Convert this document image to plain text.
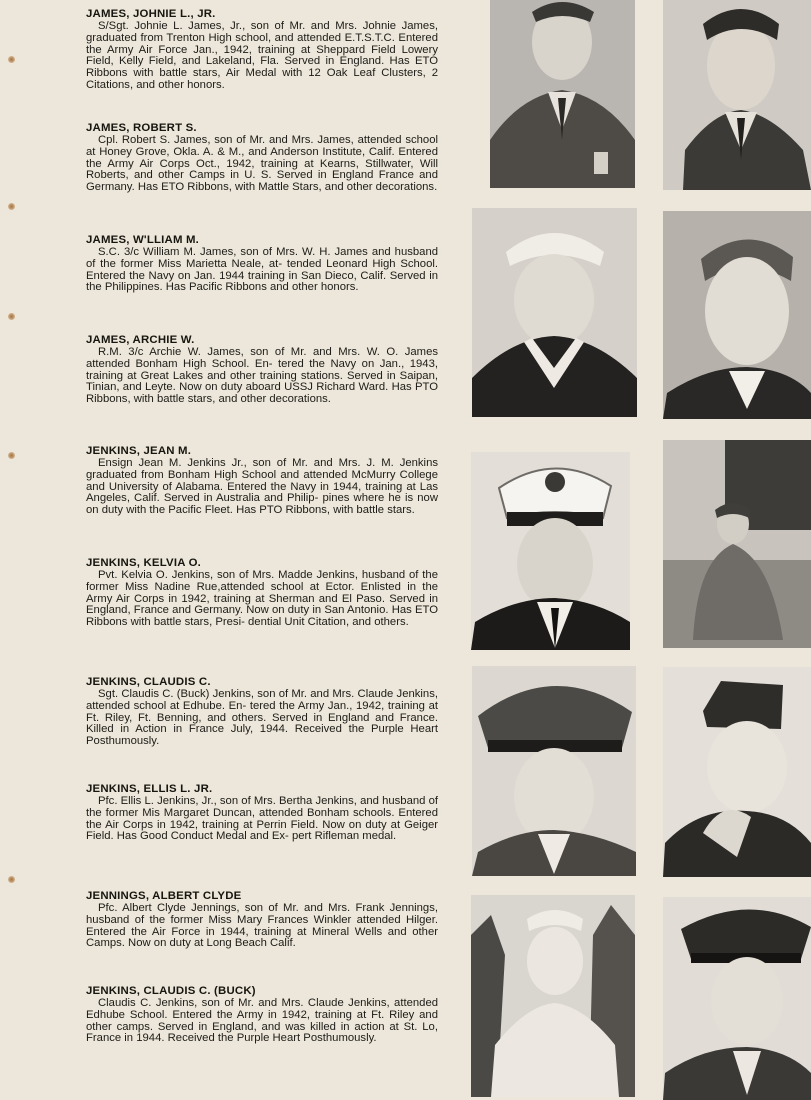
JAMES, JOHNIE L., JR.

S/Sgt. Johnie L. James, Jr., son of Mr. and Mrs. Johnie James, graduated from Trenton High school, and attended E.T.S.T.C. Entered the Army Air Force Jan., 1942, training at Sheppard Field Lowery Field, Kelly Field, and Lakeland, Fla. Served in England. Has ETO Ribbons with battle stars, Air Medal with 12 Oak Leaf Clusters, 2 Citations, and other honors.

JAMES, ROBERT S.

Cpl. Robert S. James, son of Mr. and Mrs. James, attended school at Honey Grove, Okla. A. & M., and Anderson Institute, Calif. Entered the Army Air Corps Oct., 1942, training at Kearns, Stillwater, Will Roberts, and other Camps in U. S. Served in England France and Germany. Has ETO Ribbons, with Mattle Stars, and other decorations.

JAMES, W'LLIAM M.

S.C. 3/c William M. James, son of Mrs. W. H. James and husband of the former Miss Marietta Neale, at- tended Leonard High School. Entered the Navy on Jan. 1944 training in San Dieco, Calif. Served in the Philippines. Has Pacific Ribbons and other honors.

JAMES, ARCHIE W.

R.M. 3/c Archie W. James, son of Mr. and Mrs. W. O. James attended Bonham High School. En- tered the Navy on Jan., 1943, training at Great Lakes and other training stations. Served in Saipan, Tinian, and Leyte. Now on duty aboard USSJ Richard Ward. Has PTO Ribbons, with battle stars, and other decorations.

JENKINS, JEAN M.

Ensign Jean M. Jenkins Jr., son of Mr. and Mrs. J. M. Jenkins graduated from Bonham High School and attended McMurry College and University of Alabama. Entered the Navy in 1944, training at Las Angeles, Calif. Served in Australia and Philip- pines where he is now on duty with the Pacific Fleet. Has PTO Ribbons, with battle stars.

JENKINS, KELVIA O.

Pvt. Kelvia O. Jenkins, son of Mrs. Madde Jenkins, husband of the former Miss Nadine Rue,attended school at Ector. Enlisted in the Army Air Corps in 1942, training at Sherman and El Paso. Served in England, France and Germany. Now on duty in San Antonio. Has ETO Ribbons with battle stars, Presi- dential Unit Citation, and others.

JENKINS, CLAUDIS C.

Sgt. Claudis C. (Buck) Jenkins, son of Mr. and Mrs. Claude Jenkins, attended school at Edhube. En- tered the Army Jan., 1942, training at Ft. Riley, Ft. Benning, and others. Served in England and France. Killed in Action in France July, 1944. Received the Purple Heart Posthumously.

JENKINS, ELLIS L. JR.

Pfc. Ellis L. Jenkins, Jr., son of Mrs. Bertha Jenkins, and husband of the former Mis Margaret Duncan, attended Bonham schools. Entered the Air Corps in 1942, training at Perrin Field. Now on duty at Geiger Field. Has Good Conduct Medal and Ex- pert Rifleman medal.

JENNINGS, ALBERT CLYDE

Pfc. Albert Clyde Jennings, son of Mr. and Mrs. Frank Jennings, husband of the former Miss Mary Frances Winkler attended Hilger. Entered the Air Force in 1944, training at Mineral Wells and other Camps. Now on duty at Long Beach Calif.

JENKINS, CLAUDIS C. (BUCK)

Claudis C. Jenkins, son of Mr. and Mrs. Claude Jenkins, attended Edhube School. Entered the Army in 1942, training at Ft. Riley and other camps. Served in England, and was killed in action at St. Lo, France in 1944. Received the Purple Heart Posthumously.
